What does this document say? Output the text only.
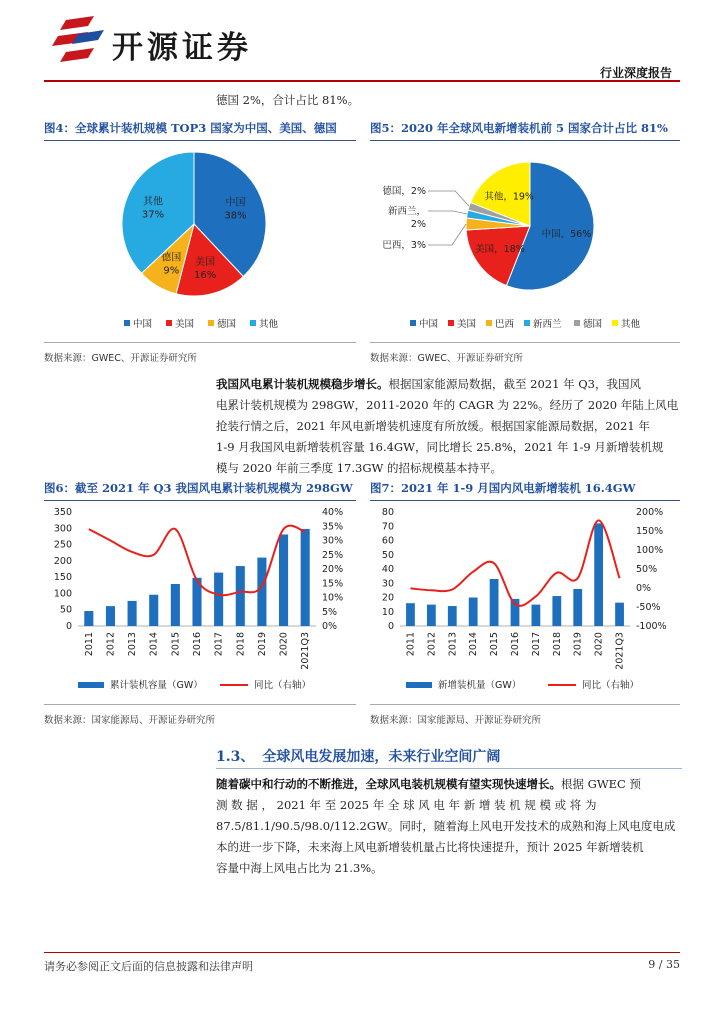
开源证券
行业深度报告
德国 2%，合计占比 81%。
图4：全球累计装机规模 TOP3 国家为中国、美国、德国	图5：2020 年全球风电新增装机前 5 国家合计占比 81%
中国
38%
美国
16%
德国
9%
其他
37%
中国 美国 德国 其他
中国，56%
美国，18%
巴西，3%
新西兰，
2%
德国，2%	其他，19%
中国 美国 巴西 新西兰 德国 其他
数据来源：GWEC、开源证券研究所	数据来源：GWEC、开源证券研究所
我国风电累计装机规模稳步增长。根据国家能源局数据，截至 2021 年 Q3，我国风
电累计装机规模为 298GW，2011-2020 年的 CAGR 为 22%。经历了 2020 年陆上风电
抢装行情之后，2021 年风电新增装机速度有所放缓。根据国家能源局数据，2021 年
1-9 月我国风电新增装机容量 16.4GW，同比增长 25.8%，2021 年 1-9 月新增装机规
模与 2020 年前三季度 17.3GW 的招标规模基本持平。
图6：截至 2021 年 Q3 我国风电累计装机规模为 298GW 图7：2021 年 1-9 月国内风电新增装机 16.4GW
0
50
100
150
200
250
300
350
0%
5%
10%
15%
20%
25%
30%
35%
40%
2011 2012 2013 2014 2015 2016 2017 2018 2019 2020 2021Q3
累计装机容量（GW）	同比（右轴）
0
10
20
30
40
50
60
70
80
-100%
-50%
0%
50%
100%
150%
200%
2011 2012 2013 2014 2015 2016 2017 2018 2019 2020 2021Q3
新增装机量（GW）	同比（右轴）
数据来源：国家能源局、开源证券研究所	数据来源：国家能源局、开源证券研究所
1.3、 全球风电发展加速，未来行业空间广阔
随着碳中和行动的不断推进，全球风电装机规模有望实现快速增长。根据 GWEC 预
测 数 据 ， 2021 年 至 2025 年 全 球 风 电 年 新 增 装 机 规 模 或 将 为
87.5/81.1/90.5/98.0/112.2GW。同时，随着海上风电开发技术的成熟和海上风电度电成
本的进一步下降，未来海上风电新增装机量占比将快速提升，预计 2025 年新增装机
容量中海上风电占比为 21.3%。
请务必参阅正文后面的信息披露和法律声明	9 / 35
